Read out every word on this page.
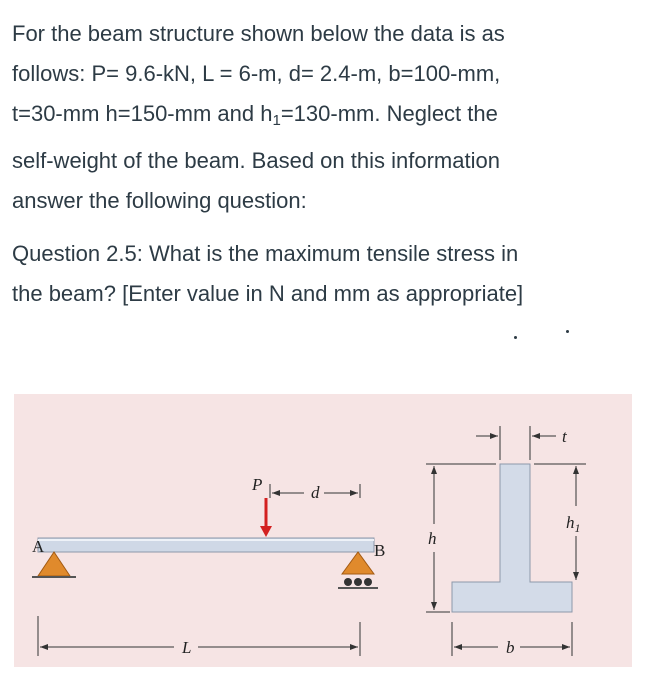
For the beam structure shown below the data is as
follows: P= 9.6-kN, L = 6-m, d= 2.4-m, b=100-mm,
t=30-mm h=150-mm and $h_1=130-mm$. Neglect the
self-weight of the beam. Based on this information
answer the following question:
Question 2.5: What is the maximum tensile stress in
the beam? [Enter value in N and mm as appropriate]
P	d
A	B
L
h
$h_1$
t
b
